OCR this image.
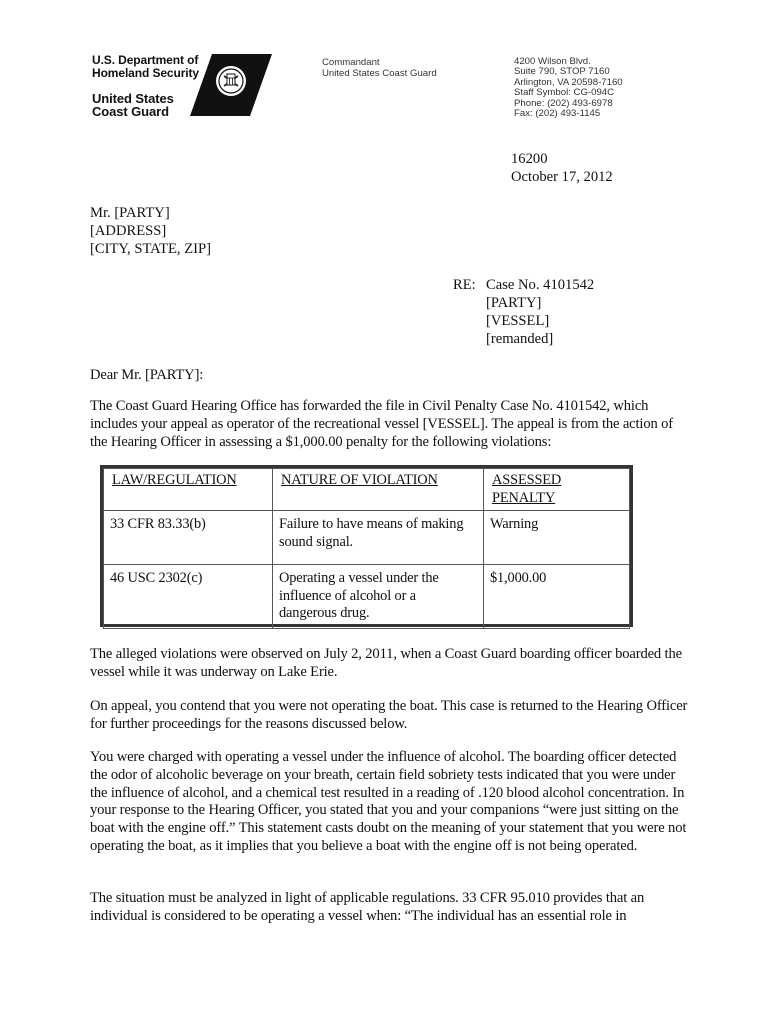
U.S. Department of
Homeland Security
United States
Coast Guard
Commandant
United States Coast Guard
4200 Wilson Blvd.
Suite 790, STOP 7160
Arlington, VA 20598-7160
Staff Symbol: CG-094C
Phone: (202) 493-6978
Fax: (202) 493-1145
16200
October 17, 2012
Mr. [PARTY]
[ADDRESS]
[CITY, STATE, ZIP]
RE: Case No. 4101542
[PARTY]
[VESSEL]
[remanded]

Dear Mr. [PARTY]:

The Coast Guard Hearing Office has forwarded the file in Civil Penalty Case No. 4101542, which includes your appeal as operator of the recreational vessel [VESSEL]. The appeal is from the action of the Hearing Officer in assessing a $1,000.00 penalty for the following violations:

LAW/REGULATION	NATURE OF VIOLATION	ASSESSED PENALTY
33 CFR 83.33(b)	Failure to have means of making sound signal.	Warning
46 USC 2302(c)	Operating a vessel under the influence of alcohol or a dangerous drug.	$1,000.00

The alleged violations were observed on July 2, 2011, when a Coast Guard boarding officer boarded the vessel while it was underway on Lake Erie.

On appeal, you contend that you were not operating the boat. This case is returned to the Hearing Officer for further proceedings for the reasons discussed below.

You were charged with operating a vessel under the influence of alcohol. The boarding officer detected the odor of alcoholic beverage on your breath, certain field sobriety tests indicated that you were under the influence of alcohol, and a chemical test resulted in a reading of .120 blood alcohol concentration. In your response to the Hearing Officer, you stated that you and your companions “were just sitting on the boat with the engine off.” This statement casts doubt on the meaning of your statement that you were not operating the boat, as it implies that you believe a boat with the engine off is not being operated.

The situation must be analyzed in light of applicable regulations. 33 CFR 95.010 provides that an individual is considered to be operating a vessel when: “The individual has an essential role in
